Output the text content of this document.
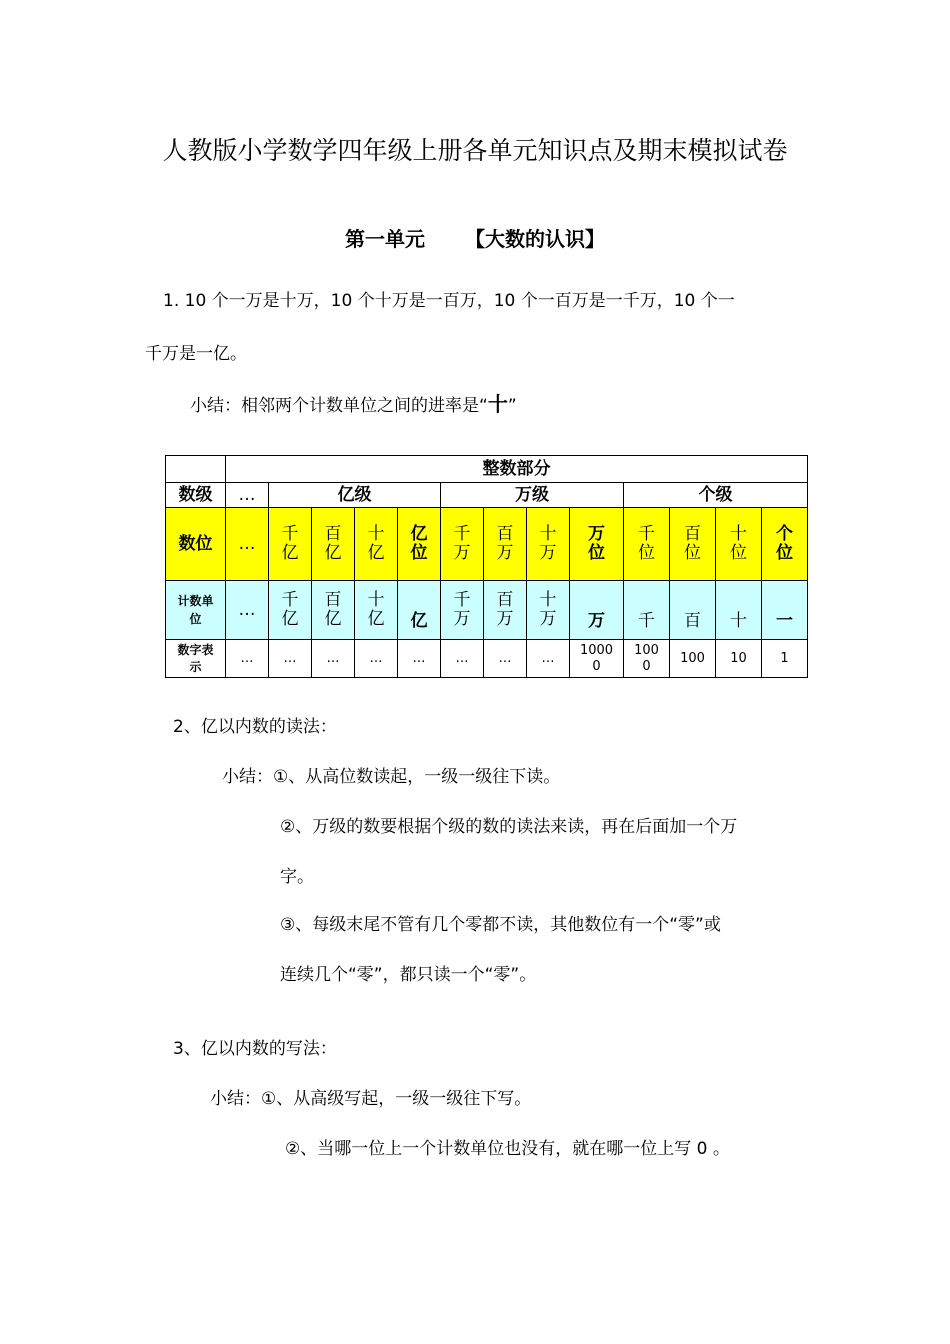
人教版小学数学四年级上册各单元知识点及期末模拟试卷
第一单元 【大数的认识】
1. 10 个一万是十万，10 个十万是一百万，10 个一百万是一千万，10 个一
千万是一亿。
小结：相邻两个计数单位之间的进率是“十”
	整数部分												
数级	…	亿级				万级				个级			
数位	…	千亿	百亿	十亿	亿位	千万	百万	十万	万位	千位	百位	十位	个位
计数单位	…	千亿	百亿	十亿	亿	千万	百万	十万	万	千	百	十	一
数字表示	…	…	…	…	…	…	…	…	10000	1000	100	10	1
2、亿以内数的读法：
小结：①、从高位数读起，一级一级往下读。
②、万级的数要根据个级的数的读法来读，再在后面加一个万
字。
③、每级末尾不管有几个零都不读，其他数位有一个“零”或
连续几个“零”，都只读一个“零”。
3、亿以内数的写法：
小结：①、从高级写起，一级一级往下写。
②、当哪一位上一个计数单位也没有，就在哪一位上写 0 。
